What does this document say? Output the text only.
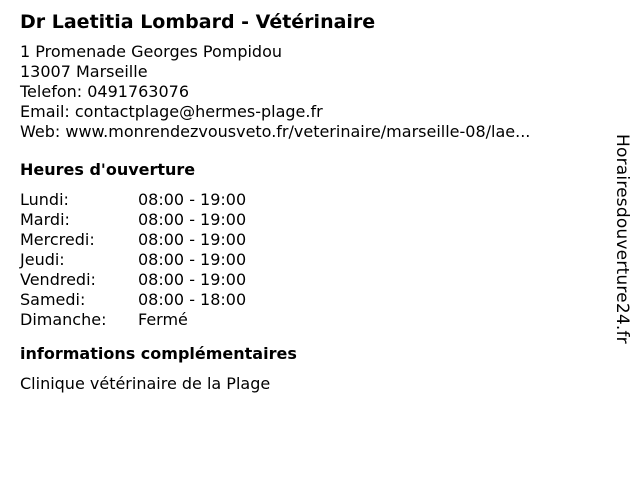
Dr Laetitia Lombard - Vétérinaire
1 Promenade Georges Pompidou
13007 Marseille
Telefon: 0491763076
Email: contactplage@hermes-plage.fr
Web: www.monrendezvousveto.fr/veterinaire/marseille-08/lae...
Heures d'ouverture
Lundi:	08:00 - 19:00
Mardi:	08:00 - 19:00
Mercredi:	08:00 - 19:00
Jeudi:	08:00 - 19:00
Vendredi:	08:00 - 19:00
Samedi:	08:00 - 18:00
Dimanche:	Fermé
informations complémentaires
Clinique vétérinaire de la Plage
Horairesdouverture24.fr
